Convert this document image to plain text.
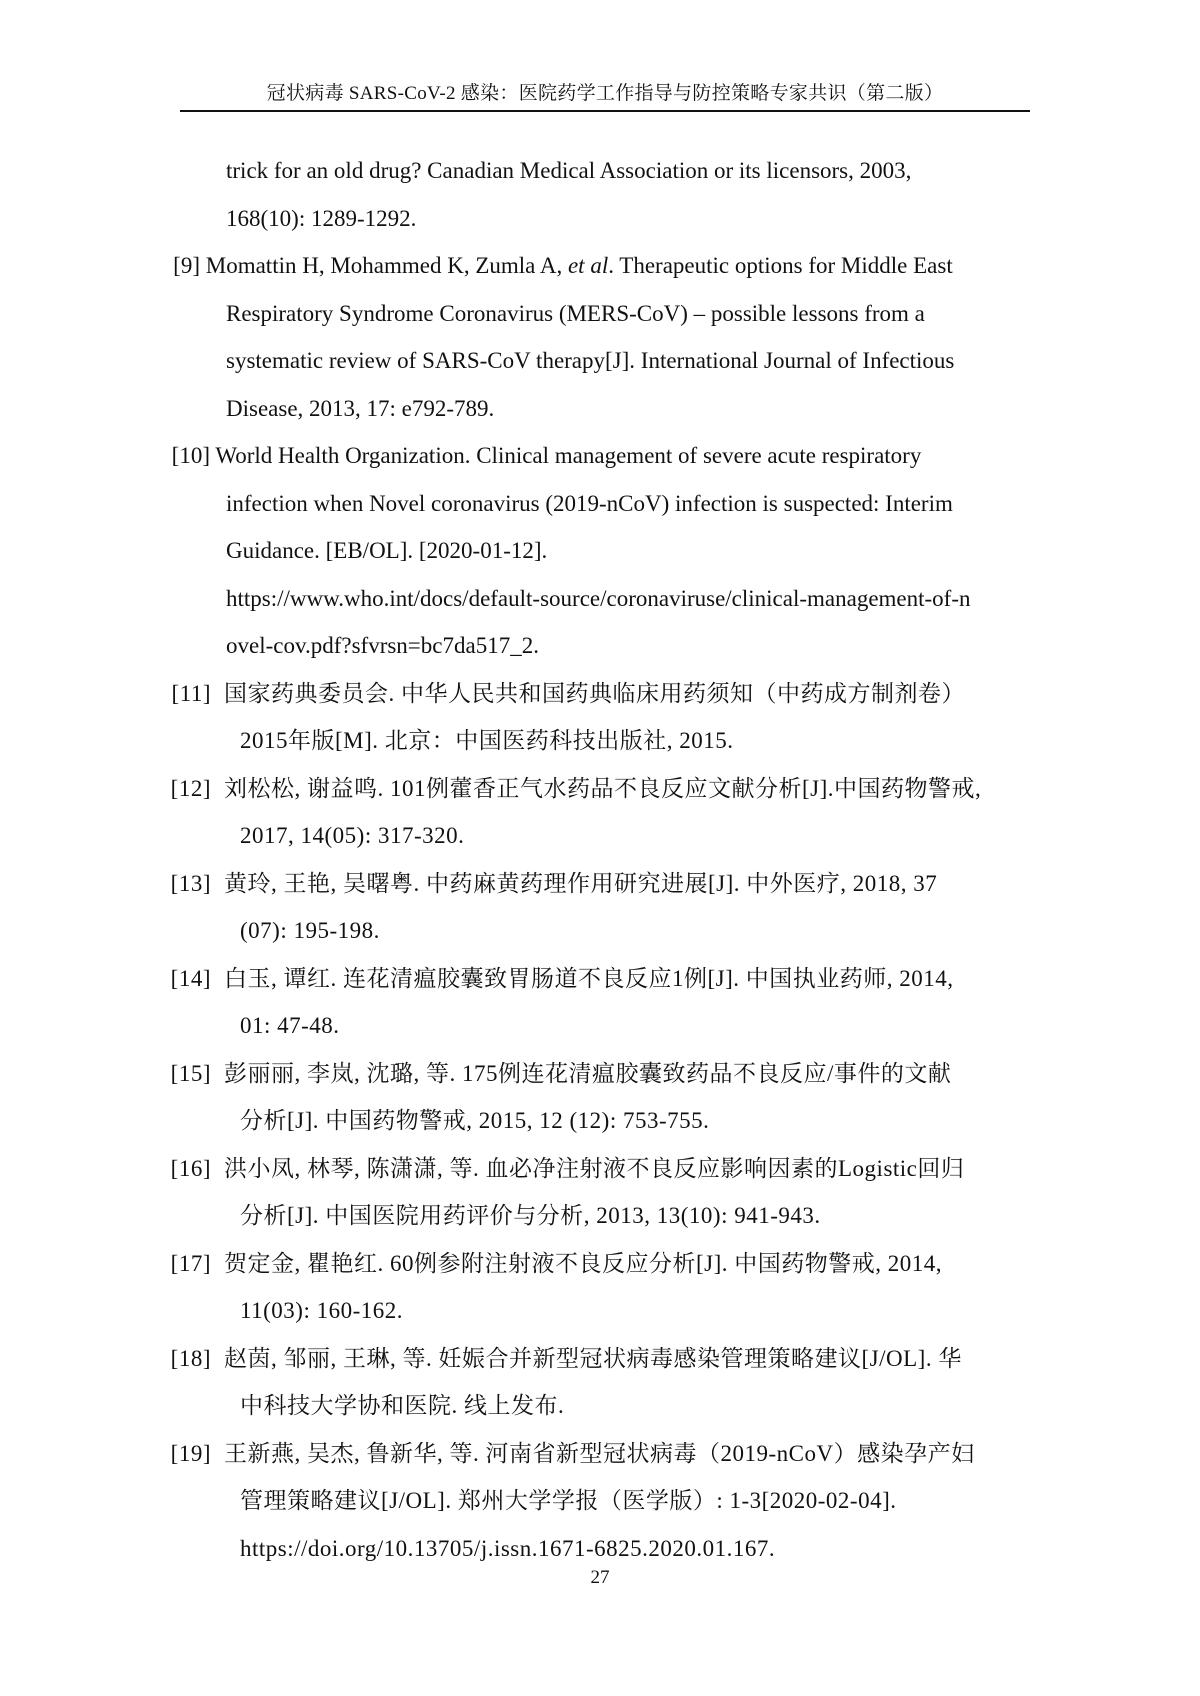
冠状病毒 SARS-CoV-2 感染：医院药学工作指导与防控策略专家共识（第二版）
trick for an old drug? Canadian Medical Association or its licensors, 2003,
168(10): 1289-1292.
[9] Momattin H, Mohammed K, Zumla A, et al. Therapeutic options for Middle East
Respiratory Syndrome Coronavirus (MERS-CoV) – possible lessons from a
systematic review of SARS-CoV therapy[J]. International Journal of Infectious
Disease, 2013, 17: e792-789.
[10] World Health Organization. Clinical management of severe acute respiratory
infection when Novel coronavirus (2019-nCoV) infection is suspected: Interim
Guidance. [EB/OL]. [2020-01-12].
https://www.who.int/docs/default-source/coronaviruse/clinical-management-of-n
ovel-cov.pdf?sfvrsn=bc7da517_2.
[11] 国家药典委员会. 中华人民共和国药典临床用药须知（中药成方制剂卷）
2015年版[M]. 北京：中国医药科技出版社, 2015.
[12] 刘松松, 谢益鸣. 101例藿香正气水药品不良反应文献分析[J].中国药物警戒,
2017, 14(05): 317-320.
[13] 黄玲, 王艳, 吴曙粤. 中药麻黄药理作用研究进展[J]. 中外医疗, 2018, 37
(07): 195-198.
[14] 白玉, 谭红. 连花清瘟胶囊致胃肠道不良反应1例[J]. 中国执业药师, 2014,
01: 47-48.
[15] 彭丽丽, 李岚, 沈璐, 等. 175例连花清瘟胶囊致药品不良反应/事件的文献
分析[J]. 中国药物警戒, 2015, 12 (12): 753-755.
[16] 洪小凤, 林琴, 陈潇潇, 等. 血必净注射液不良反应影响因素的Logistic回归
分析[J]. 中国医院用药评价与分析, 2013, 13(10): 941-943.
[17] 贺定金, 瞿艳红. 60例参附注射液不良反应分析[J]. 中国药物警戒, 2014,
11(03): 160-162.
[18] 赵茵, 邹丽, 王琳, 等. 妊娠合并新型冠状病毒感染管理策略建议[J/OL]. 华
中科技大学协和医院. 线上发布.
[19] 王新燕, 吴杰, 鲁新华, 等. 河南省新型冠状病毒（2019-nCoV）感染孕产妇
管理策略建议[J/OL]. 郑州大学学报（医学版）: 1-3[2020-02-04].
https://doi.org/10.13705/j.issn.1671-6825.2020.01.167.
27
